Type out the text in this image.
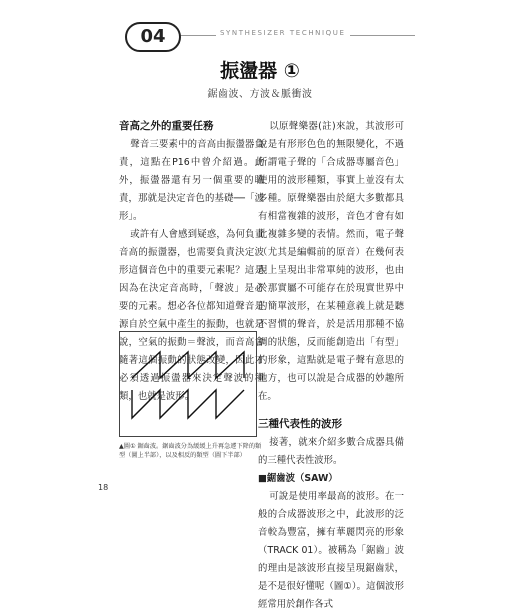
04	SYNTHESIZER TECHNIQUE
振盪器 ①
鋸齒波、方波＆脈衝波
音高之外的重要任務

聲音三要素中的音高由振盪器負責，這點在P16中曾介紹過。此外，振盪器還有另一個重要的職責，那就是決定音色的基礎──「波形」。

或許有人會感到疑惑，為何負責音高的振盪器，也需要負責決定波形這個音色中的重要元素呢？這是因為在決定音高時，「聲波」是必要的元素。想必各位都知道聲音是源自於空氣中產生的振動，也就是說，空氣的振動＝聲波，而音高會隨著這個振動的狀態改變，因此才必須透過振盪器來決定聲波的種類，也就是波形。

▲圖① 鋸齒波。鋸齒波分為緩緩上升再急遽下降的類型（圖上半部），以及相反的類型（圖下半部）

以原聲樂器(註)來說，其波形可說是有形形色色的無限變化，不過所謂電子聲的「合成器專屬音色」使用的波形種類，事實上並沒有太多種。原聲樂器由於絕大多數都具有相當複雜的波形，音色才會有如此複雜多變的表情。然而，電子聲（尤其是編輯前的原音）在幾何表現上呈現出非常單純的波形，也由於那實屬不可能存在於現實世界中的簡單波形，在某種意義上就是聽不習慣的聲音，於是活用那種不協調的狀態，反而能創造出「有型」的形象，這點就是電子聲有意思的地方，也可以說是合成器的妙趣所在。

三種代表性的波形

接著，就來介紹多數合成器具備的三種代表性波形。

■鋸齒波（SAW）

可說是使用率最高的波形。在一般的合成器波形之中，此波形的泛音較為豐富，擁有華麗閃亮的形象（TRACK 01）。被稱為「鋸齒」波的理由是該波形直接呈現鋸齒狀，是不是很好懂呢（圖①）。這個波形經常用於創作各式

18
